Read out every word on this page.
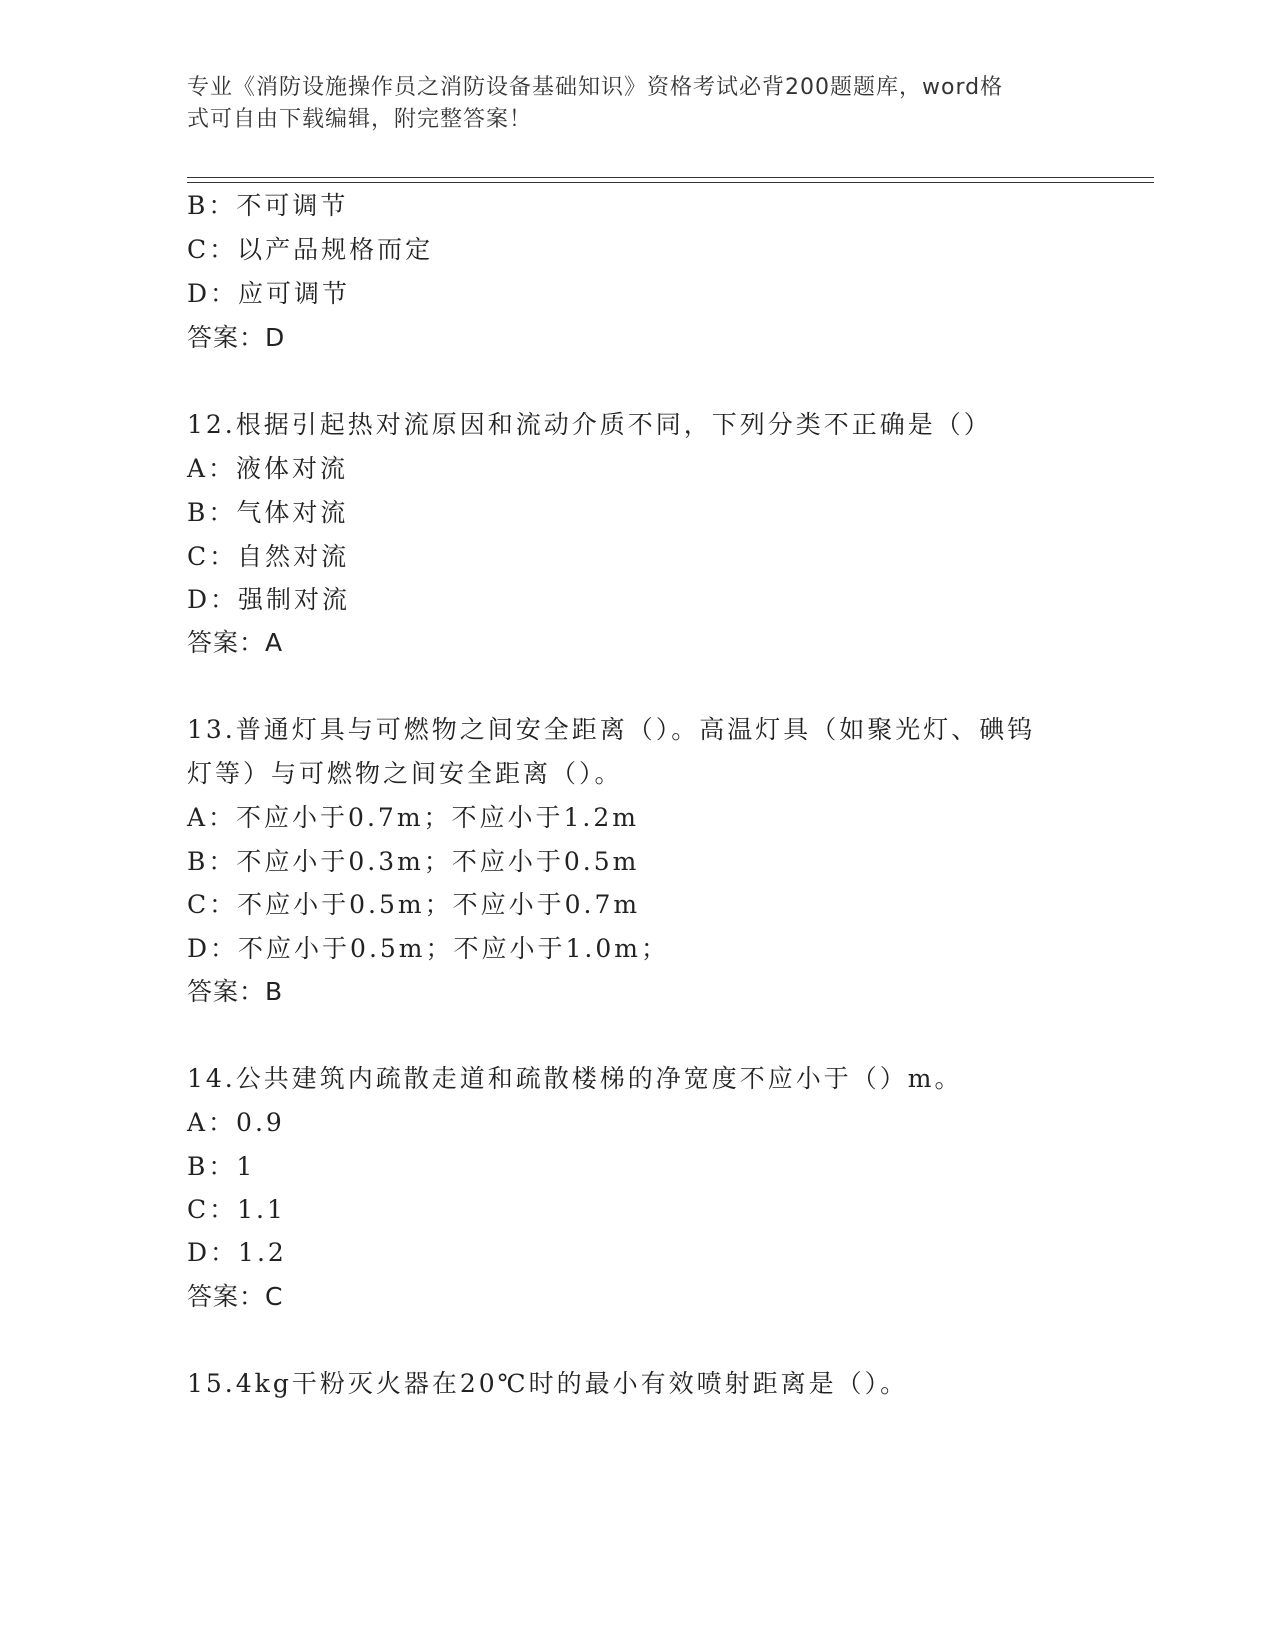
专业《消防设施操作员之消防设备基础知识》资格考试必背200题题库，word格
式可自由下载编辑，附完整答案！
B：不可调节
C：以产品规格而定
D：应可调节
答案：D
12.根据引起热对流原因和流动介质不同，下列分类不正确是（）
A：液体对流
B：气体对流
C：自然对流
D：强制对流
答案：A
13.普通灯具与可燃物之间安全距离（）。高温灯具（如聚光灯、碘钨
灯等）与可燃物之间安全距离（）。
A：不应小于0.7m；不应小于1.2m
B：不应小于0.3m；不应小于0.5m
C：不应小于0.5m；不应小于0.7m
D：不应小于0.5m；不应小于1.0m；
答案：B
14.公共建筑内疏散走道和疏散楼梯的净宽度不应小于（）m。
A：0.9
B：1
C：1.1
D：1.2
答案：C
15.4kg干粉灭火器在20℃时的最小有效喷射距离是（）。
